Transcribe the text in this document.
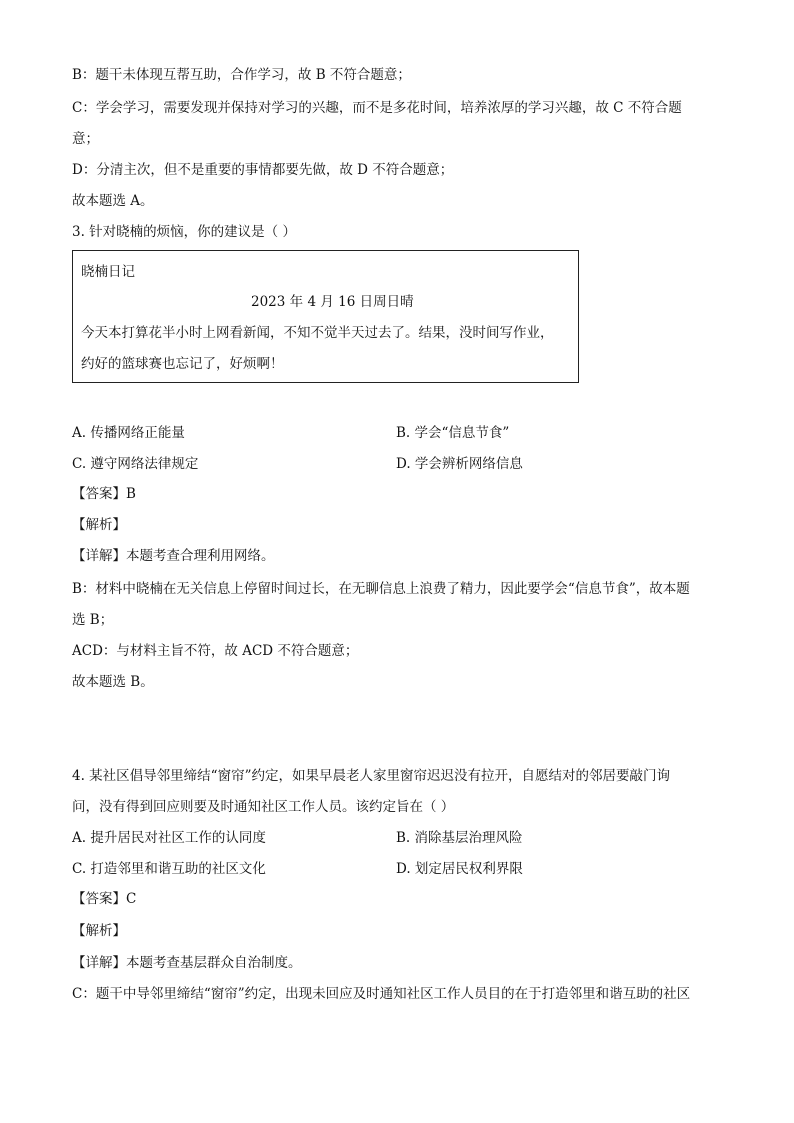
B：题干未体现互帮互助，合作学习，故 B 不符合题意；
C：学会学习，需要发现并保持对学习的兴趣，而不是多花时间，培养浓厚的学习兴趣，故 C 不符合题
意；
D：分清主次，但不是重要的事情都要先做，故 D 不符合题意；
故本题选 A。
3. 针对晓楠的烦恼，你的建议是（ ）
晓楠日记
2023 年 4 月 16 日周日晴
今天本打算花半小时上网看新闻，不知不觉半天过去了。结果，没时间写作业，
约好的篮球赛也忘记了，好烦啊！
A. 传播网络正能量	B. 学会“信息节食”
C. 遵守网络法律规定	D. 学会辨析网络信息
【答案】B
【解析】
【详解】本题考查合理利用网络。
B：材料中晓楠在无关信息上停留时间过长，在无聊信息上浪费了精力，因此要学会“信息节食”，故本题
选 B；
ACD：与材料主旨不符，故 ACD 不符合题意；
故本题选 B。
4. 某社区倡导邻里缔结“窗帘”约定，如果早晨老人家里窗帘迟迟没有拉开，自愿结对的邻居要敲门询
问，没有得到回应则要及时通知社区工作人员。该约定旨在（ ）
A. 提升居民对社区工作的认同度	B. 消除基层治理风险
C. 打造邻里和谐互助的社区文化	D. 划定居民权利界限
【答案】C
【解析】
【详解】本题考查基层群众自治制度。
C：题干中导邻里缔结“窗帘”约定，出现未回应及时通知社区工作人员目的在于打造邻里和谐互助的社区
